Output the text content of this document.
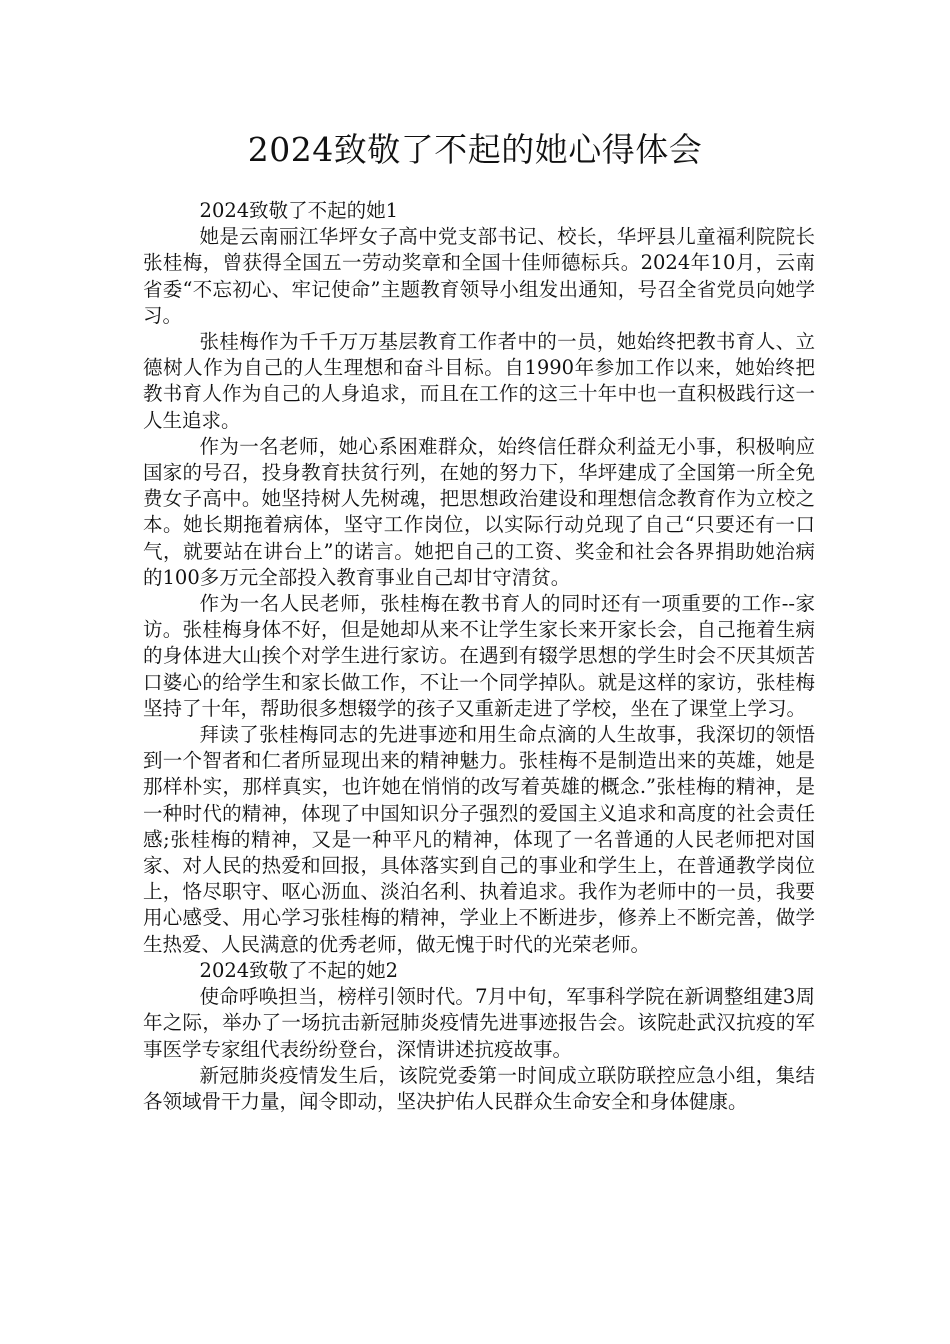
2024致敬了不起的她心得体会

2024致敬了不起的她1

她是云南丽江华坪女子高中党支部书记、校长，华坪县儿童福利院院长张桂梅，曾获得全国五一劳动奖章和全国十佳师德标兵。2024年10月，云南省委“不忘初心、牢记使命”主题教育领导小组发出通知，号召全省党员向她学习。

张桂梅作为千千万万基层教育工作者中的一员，她始终把教书育人、立德树人作为自己的人生理想和奋斗目标。自1990年参加工作以来，她始终把教书育人作为自己的人身追求，而且在工作的这三十年中也一直积极践行这一人生追求。

作为一名老师，她心系困难群众，始终信任群众利益无小事，积极响应国家的号召，投身教育扶贫行列，在她的努力下，华坪建成了全国第一所全免费女子高中。她坚持树人先树魂，把思想政治建设和理想信念教育作为立校之本。她长期拖着病体，坚守工作岗位，以实际行动兑现了自己“只要还有一口气，就要站在讲台上”的诺言。她把自己的工资、奖金和社会各界捐助她治病的100多万元全部投入教育事业自己却甘守清贫。

作为一名人民老师，张桂梅在教书育人的同时还有一项重要的工作--家访。张桂梅身体不好，但是她却从来不让学生家长来开家长会，自己拖着生病的身体进大山挨个对学生进行家访。在遇到有辍学思想的学生时会不厌其烦苦口婆心的给学生和家长做工作，不让一个同学掉队。就是这样的家访，张桂梅坚持了十年，帮助很多想辍学的孩子又重新走进了学校，坐在了课堂上学习。

拜读了张桂梅同志的先进事迹和用生命点滴的人生故事，我深切的领悟到一个智者和仁者所显现出来的精神魅力。张桂梅不是制造出来的英雄，她是那样朴实，那样真实，也许她在悄悄的改写着英雄的概念.”张桂梅的精神，是一种时代的精神，体现了中国知识分子强烈的爱国主义追求和高度的社会责任感;张桂梅的精神，又是一种平凡的精神，体现了一名普通的人民老师把对国家、对人民的热爱和回报，具体落实到自己的事业和学生上，在普通教学岗位上，恪尽职守、呕心沥血、淡泊名利、执着追求。我作为老师中的一员，我要用心感受、用心学习张桂梅的精神，学业上不断进步，修养上不断完善，做学生热爱、人民满意的优秀老师，做无愧于时代的光荣老师。

2024致敬了不起的她2

使命呼唤担当，榜样引领时代。7月中旬，军事科学院在新调整组建3周年之际，举办了一场抗击新冠肺炎疫情先进事迹报告会。该院赴武汉抗疫的军事医学专家组代表纷纷登台，深情讲述抗疫故事。

新冠肺炎疫情发生后，该院党委第一时间成立联防联控应急小组，集结各领域骨干力量，闻令即动，坚决护佑人民群众生命安全和身体健康。
